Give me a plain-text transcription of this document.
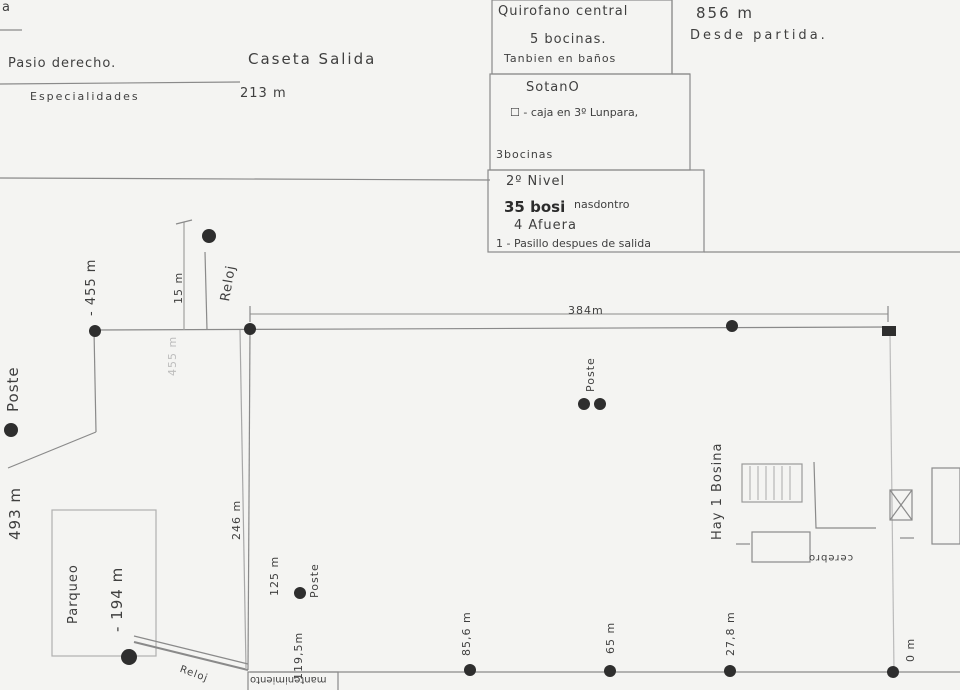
a
Pasio derecho.	Caseta Salida
Especialidades	213 m
Quirofano central
5 bocinas.
Tanbien en baños
856 m
Desde partida.
SotanO
☐ - caja en 3º Lunpara,
3bocinas
2º Nivel
35 bosi nasdontro
4 Afuera
1 - Pasillo despues de salida
384m
- 455 m	15 m	Reloj
455 m
Poste
493 m	246 m
Poste
Hay 1 Bosina
cerebro
Parqueo - 194 m	125 m Poste
119,5m
Reloj	mantenimiento
85,6 m	65 m	27,8 m	0 m
